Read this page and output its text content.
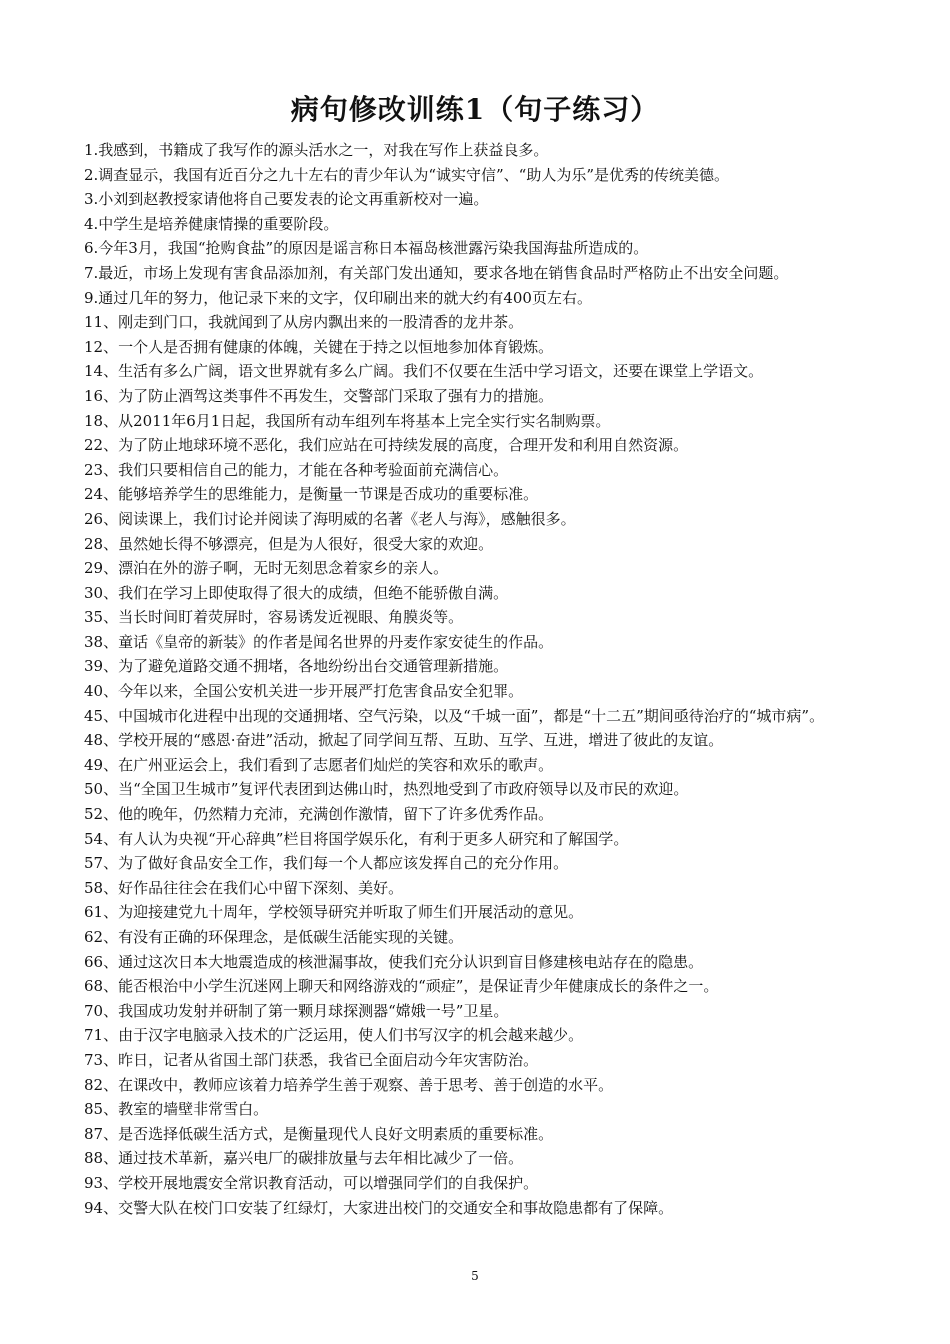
病句修改训练1（句子练习）
1.我感到，书籍成了我写作的源头活水之一，对我在写作上获益良多。
2.调查显示，我国有近百分之九十左右的青少年认为“诚实守信”、“助人为乐”是优秀的传统美德。
3.小刘到赵教授家请他将自己要发表的论文再重新校对一遍。
4.中学生是培养健康情操的重要阶段。
6.今年3月，我国“抢购食盐”的原因是谣言称日本福岛核泄露污染我国海盐所造成的。
7.最近，市场上发现有害食品添加剂，有关部门发出通知，要求各地在销售食品时严格防止不出安全问题。
9.通过几年的努力，他记录下来的文字，仅印刷出来的就大约有400页左右。
11、刚走到门口，我就闻到了从房内飘出来的一股清香的龙井茶。
12、一个人是否拥有健康的体魄，关键在于持之以恒地参加体育锻炼。
14、生活有多么广阔，语文世界就有多么广阔。我们不仅要在生活中学习语文，还要在课堂上学语文。
16、为了防止酒驾这类事件不再发生，交警部门采取了强有力的措施。
18、从2011年6月1日起，我国所有动车组列车将基本上完全实行实名制购票。
22、为了防止地球环境不恶化，我们应站在可持续发展的高度，合理开发和利用自然资源。
23、我们只要相信自己的能力，才能在各种考验面前充满信心。
24、能够培养学生的思维能力，是衡量一节课是否成功的重要标准。
26、阅读课上，我们讨论并阅读了海明威的名著《老人与海》，感触很多。
28、虽然她长得不够漂亮，但是为人很好，很受大家的欢迎。
29、漂泊在外的游子啊，无时无刻思念着家乡的亲人。
30、我们在学习上即使取得了很大的成绩，但绝不能骄傲自满。
35、当长时间盯着荧屏时，容易诱发近视眼、角膜炎等。
38、童话《皇帝的新装》的作者是闻名世界的丹麦作家安徒生的作品。
39、为了避免道路交通不拥堵，各地纷纷出台交通管理新措施。
40、今年以来，全国公安机关进一步开展严打危害食品安全犯罪。
45、中国城市化进程中出现的交通拥堵、空气污染，以及“千城一面”，都是“十二五”期间亟待治疗的“城市病”。
48、学校开展的“感恩·奋进”活动，掀起了同学间互帮、互助、互学、互进，增进了彼此的友谊。
49、在广州亚运会上，我们看到了志愿者们灿烂的笑容和欢乐的歌声。
50、当“全国卫生城市”复评代表团到达佛山时，热烈地受到了市政府领导以及市民的欢迎。
52、他的晚年，仍然精力充沛，充满创作激情，留下了许多优秀作品。
54、有人认为央视“开心辞典”栏目将国学娱乐化，有利于更多人研究和了解国学。
57、为了做好食品安全工作，我们每一个人都应该发挥自己的充分作用。
58、好作品往往会在我们心中留下深刻、美好。
61、为迎接建党九十周年，学校领导研究并听取了师生们开展活动的意见。
62、有没有正确的环保理念，是低碳生活能实现的关键。
66、通过这次日本大地震造成的核泄漏事故，使我们充分认识到盲目修建核电站存在的隐患。
68、能否根治中小学生沉迷网上聊天和网络游戏的“顽症”，是保证青少年健康成长的条件之一。
70、我国成功发射并研制了第一颗月球探测器“嫦娥一号”卫星。
71、由于汉字电脑录入技术的广泛运用，使人们书写汉字的机会越来越少。
73、昨日，记者从省国土部门获悉，我省已全面启动今年灾害防治。
82、在课改中，教师应该着力培养学生善于观察、善于思考、善于创造的水平。
85、教室的墙壁非常雪白。
87、是否选择低碳生活方式，是衡量现代人良好文明素质的重要标准。
88、通过技术革新，嘉兴电厂的碳排放量与去年相比减少了一倍。
93、学校开展地震安全常识教育活动，可以增强同学们的自我保护。
94、交警大队在校门口安装了红绿灯，大家进出校门的交通安全和事故隐患都有了保障。
5
